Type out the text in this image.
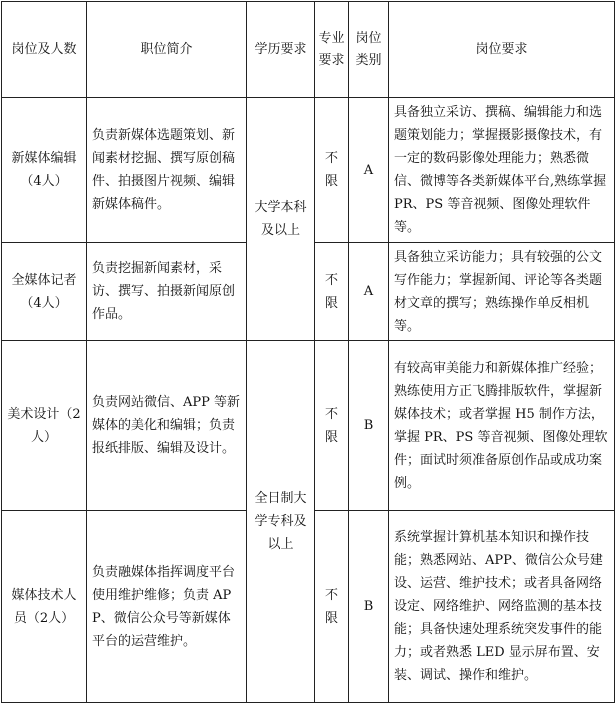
岗位及人数	职位简介	学历要求	专业要求	岗位类别	岗位要求
新媒体编辑（4人）	负责新媒体选题策划、新闻素材挖掘、撰写原创稿件、拍摄图片视频、编辑新媒体稿件。	大学本科及以上	不限	A	具备独立采访、撰稿、编辑能力和选题策划能力；掌握摄影摄像技术，有一定的数码影像处理能力；熟悉微信、微博等各类新媒体平台,熟练掌握 PR、PS 等音视频、图像处理软件等。
全媒体记者（4人）	负责挖掘新闻素材，采访、撰写、拍摄新闻原创作品。		不限	A	具备独立采访能力；具有较强的公文写作能力；掌握新闻、评论等各类题材文章的撰写；熟练操作单反相机等。
美术设计（2人）	负责网站微信、APP 等新媒体的美化和编辑；负责报纸排版、编辑及设计。	全日制大学专科及以上	不限	B	有较高审美能力和新媒体推广经验；熟练使用方正飞腾排版软件，掌握新媒体技术；或者掌握 H5 制作方法，掌握 PR、PS 等音视频、图像处理软件；面试时须准备原创作品或成功案例。
媒体技术人员（2人）	负责融媒体指挥调度平台使用维护维修；负责 APP、微信公众号等新媒体平台的运营维护。		不限	B	系统掌握计算机基本知识和操作技能；熟悉网站、APP、微信公众号建设、运营、维护技术；或者具备网络设定、网络维护、网络监测的基本技能；具备快速处理系统突发事件的能力；或者熟悉 LED 显示屏布置、安装、调试、操作和维护。
